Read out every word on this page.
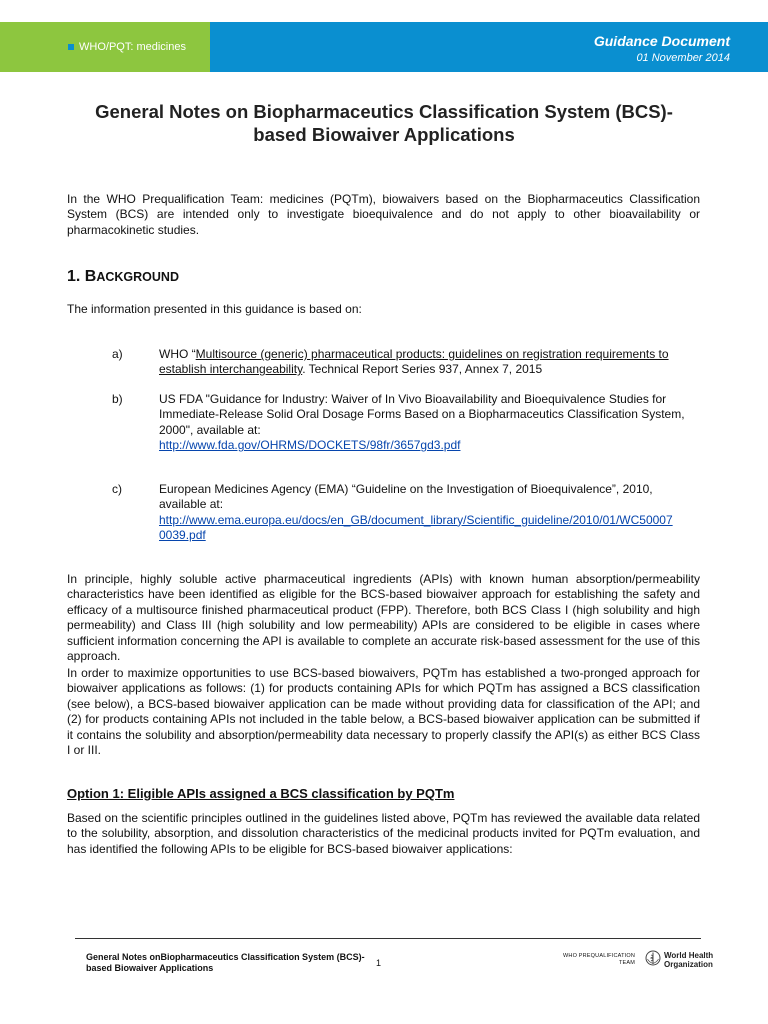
WHO/PQT: medicines	Guidance Document
01 November 2014
General Notes on Biopharmaceutics Classification System (BCS)-
based Biowaiver Applications

In the WHO Prequalification Team: medicines (PQTm), biowaivers based on the Biopharmaceutics Classification System (BCS) are intended only to investigate bioequivalence and do not apply to other bioavailability or pharmacokinetic studies.

1. BACKGROUND

The information presented in this guidance is based on:

a)	WHO “Multisource (generic) pharmaceutical products: guidelines on registration requirements to establish interchangeability. Technical Report Series 937, Annex 7, 2015

b)	US FDA "Guidance for Industry: Waiver of In Vivo Bioavailability and Bioequivalence Studies for Immediate-Release Solid Oral Dosage Forms Based on a Biopharmaceutics Classification System, 2000", available at:
http://www.fda.gov/OHRMS/DOCKETS/98fr/3657gd3.pdf

c)	European Medicines Agency (EMA) “Guideline on the Investigation of Bioequivalence”, 2010, available at:
http://www.ema.europa.eu/docs/en_GB/document_library/Scientific_guideline/2010/01/WC50007 0039.pdf

In principle, highly soluble active pharmaceutical ingredients (APIs) with known human absorption/permeability characteristics have been identified as eligible for the BCS-based biowaiver approach for establishing the safety and efficacy of a multisource finished pharmaceutical product (FPP). Therefore, both BCS Class I (high solubility and high permeability) and Class III (high solubility and low permeability) APIs are considered to be eligible in cases where sufficient information concerning the API is available to complete an accurate risk-based assessment for the use of this approach.

In order to maximize opportunities to use BCS-based biowaivers, PQTm has established a two-pronged approach for biowaiver applications as follows: (1) for products containing APIs for which PQTm has assigned a BCS classification (see below), a BCS-based biowaiver application can be made without providing data for classification of the API; and (2) for products containing APIs not included in the table below, a BCS-based biowaiver application can be submitted if it contains the solubility and absorption/permeability data necessary to properly classify the API(s) as either BCS Class I or III.

Option 1: Eligible APIs assigned a BCS classification by PQTm

Based on the scientific principles outlined in the guidelines listed above, PQTm has reviewed the available data related to the solubility, absorption, and dissolution characteristics of the medicinal products invited for PQTm evaluation, and has identified the following APIs to be eligible for BCS-based biowaiver applications:

General Notes onBiopharmaceutics Classification System (BCS)-
based Biowaiver Applications	1
WHO PREQUALIFICATION
TEAM
World Health
Organization
